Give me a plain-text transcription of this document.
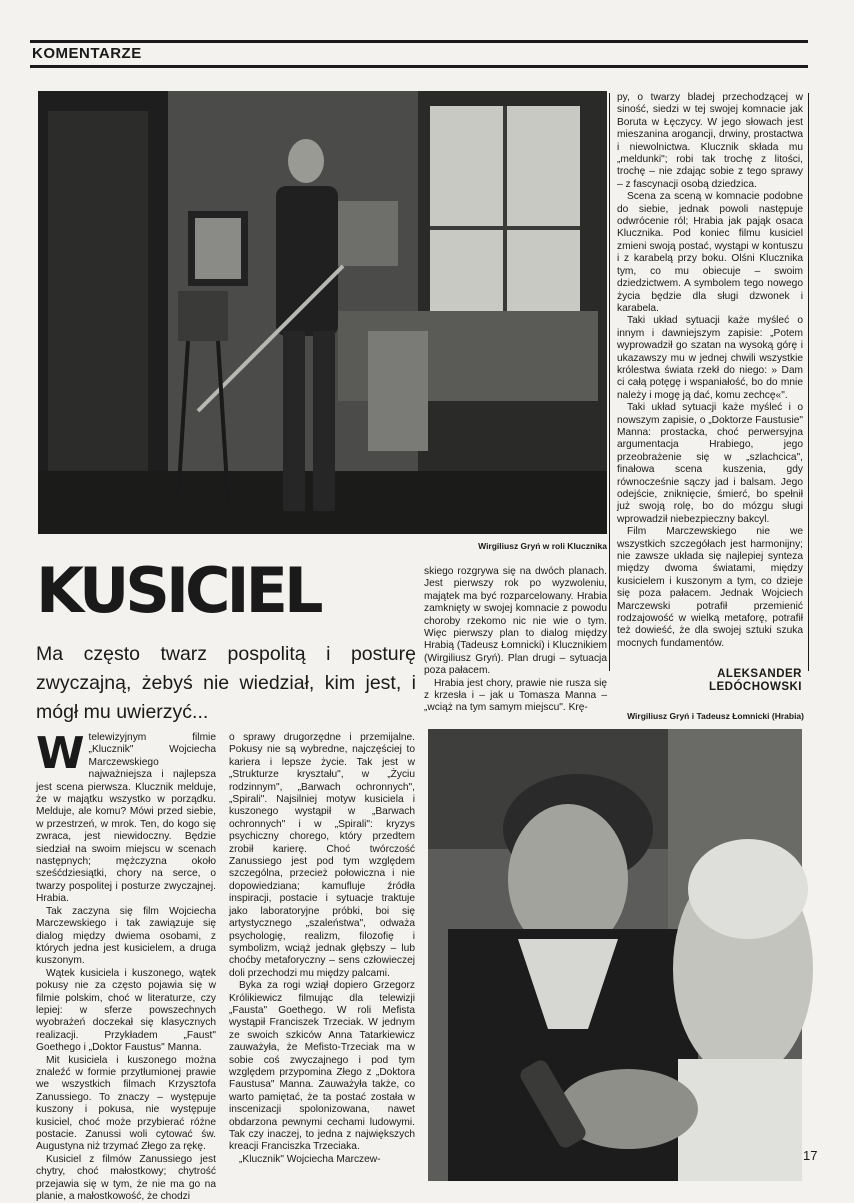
KOMENTARZE
Wirgiliusz Gryń w roli Klucznika
KUSICIEL
Ma często twarz pospolitą i posturę zwyczajną, żebyś nie wiedział, kim jest, i mógł mu uwierzyć...

Wtelewizyjnym filmie „Klucznik" Wojciecha Marczewskiego najważniejsza i najlepsza jest scena pierwsza. Klucznik melduje, że w majątku wszystko w porządku. Melduje, ale komu? Mówi przed siebie, w przestrzeń, w mrok. Ten, do kogo się zwraca, jest niewidoczny. Będzie siedział na swoim miejscu w scenach następnych; mężczyzna około sześćdziesiątki, chory na serce, o twarzy pospolitej i posturze zwyczajnej. Hrabia.

Tak zaczyna się film Wojciecha Marczewskiego i tak zawiązuje się dialog między dwiema osobami, z których jedna jest kusicielem, a druga kuszonym.

Wątek kusiciela i kuszonego, wątek pokusy nie za często pojawia się w filmie polskim, choć w literaturze, czy lepiej: w sferze powszechnych wyobrażeń doczekał się klasycznych realizacji. Przykładem „Faust" Goethego i „Doktor Faustus" Manna.

Mit kusiciela i kuszonego można znaleźć w formie przytłumionej prawie we wszystkich filmach Krzysztofa Zanussiego. To znaczy – występuje kuszony i pokusa, nie występuje kusiciel, choć może przybierać różne postacie. Zanussi woli cytować św. Augustyna niż trzymać Złego za rękę.

Kusiciel z filmów Zanussiego jest chytry, choć małostkowy; chytrość przejawia się w tym, że nie ma go na planie, a małostkowość, że chodzi

o sprawy drugorzędne i przemijalne. Pokusy nie są wybredne, najczęściej to kariera i lepsze życie. Tak jest w „Strukturze kryształu", w „Życiu rodzinnym", „Barwach ochronnych", „Spirali". Najsilniej motyw kusiciela i kuszonego wystąpił w „Barwach ochronnych" i w „Spirali": kryzys psychiczny chorego, który przedtem zrobił karierę. Choć twórczość Zanussiego jest pod tym względem szczególna, przecież połowiczna i nie dopowiedziana; kamufluje źródła inspiracji, postacie i sytuacje traktuje jako laboratoryjne próbki, boi się artystycznego „szaleństwa", odważa psychologię, realizm, filozofię i symbolizm, wciąż jednak głębszy – lub choćby metaforyczny – sens człowieczej doli przechodzi mu między palcami.

Byka za rogi wziął dopiero Grzegorz Królikiewicz filmując dla telewizji „Fausta" Goethego. W roli Mefista wystąpił Franciszek Trzeciak. W jednym ze swoich szkiców Anna Tatarkiewicz zauważyła, że Mefisto-Trzeciak ma w sobie coś zwyczajnego i pod tym względem przypomina Złego z „Doktora Faustusa" Manna. Zauważyła także, co warto pamiętać, że ta postać została w inscenizacji spolonizowana, nawet obdarzona pewnymi cechami ludowymi. Tak czy inaczej, to jedna z największych kreacji Franciszka Trzeciaka.

„Klucznik" Wojciecha Marczew-

skiego rozgrywa się na dwóch planach. Jest pierwszy rok po wyzwoleniu, majątek ma być rozparcelowany. Hrabia zamknięty w swojej komnacie z powodu choroby rzekomo nic nie wie o tym. Więc pierwszy plan to dialog między Hrabią (Tadeusz Łomnicki) i Klucznikiem (Wirgiliusz Gryń). Plan drugi – sytuacja poza pałacem.

Hrabia jest chory, prawie nie rusza się z krzesła i – jak u Tomasza Manna – „wciąż na tym samym miejscu". Krę-

py, o twarzy bladej przechodzącej w siność, siedzi w tej swojej komnacie jak Boruta w Łęczycy. W jego słowach jest mieszanina arogancji, drwiny, prostactwa i niewolnictwa. Klucznik składa mu „meldunki"; robi tak trochę z litości, trochę – nie zdając sobie z tego sprawy – z fascynacji osobą dziedzica.

Scena za sceną w komnacie podobne do siebie, jednak powoli następuje odwrócenie ról; Hrabia jak pająk osaca Klucznika. Pod koniec filmu kusiciel zmieni swoją postać, wystąpi w kontuszu i z karabelą przy boku. Olśni Klucznika tym, co mu obiecuje – swoim dziedzictwem. A symbolem tego nowego życia będzie dla sługi dzwonek i karabela.

Taki układ sytuacji każe myśleć o innym i dawniejszym zapisie: „Potem wyprowadził go szatan na wysoką górę i ukazawszy mu w jednej chwili wszystkie królestwa świata rzekł do niego: » Dam ci całą potęgę i wspaniałość, bo do mnie należy i mogę ją dać, komu zechcę«".

Taki układ sytuacji każe myśleć i o nowszym zapisie, o „Doktorze Faustusie" Manna: prostacka, choć perwersyjna argumentacja Hrabiego, jego przeobrażenie się w „szlachcica", finałowa scena kuszenia, gdy równocześnie sączy jad i balsam. Jego odejście, zniknięcie, śmierć, bo spełnił już swoją rolę, bo do mózgu sługi wprowadził niebezpieczny bakcyl.

Film Marczewskiego nie we wszystkich szczegółach jest harmonijny; nie zawsze układa się najlepiej synteza między dwoma światami, między kusicielem i kuszonym a tym, co dzieje się poza pałacem. Jednak Wojciech Marczewski potrafił przemienić rodzajowość w wielką metaforę, potrafił też dowieść, że dla swojej sztuki szuka mocnych fundamentów.

ALEKSANDER
LEDÓCHOWSKI
Wirgiliusz Gryń i Tadeusz Łomnicki (Hrabia)
17
